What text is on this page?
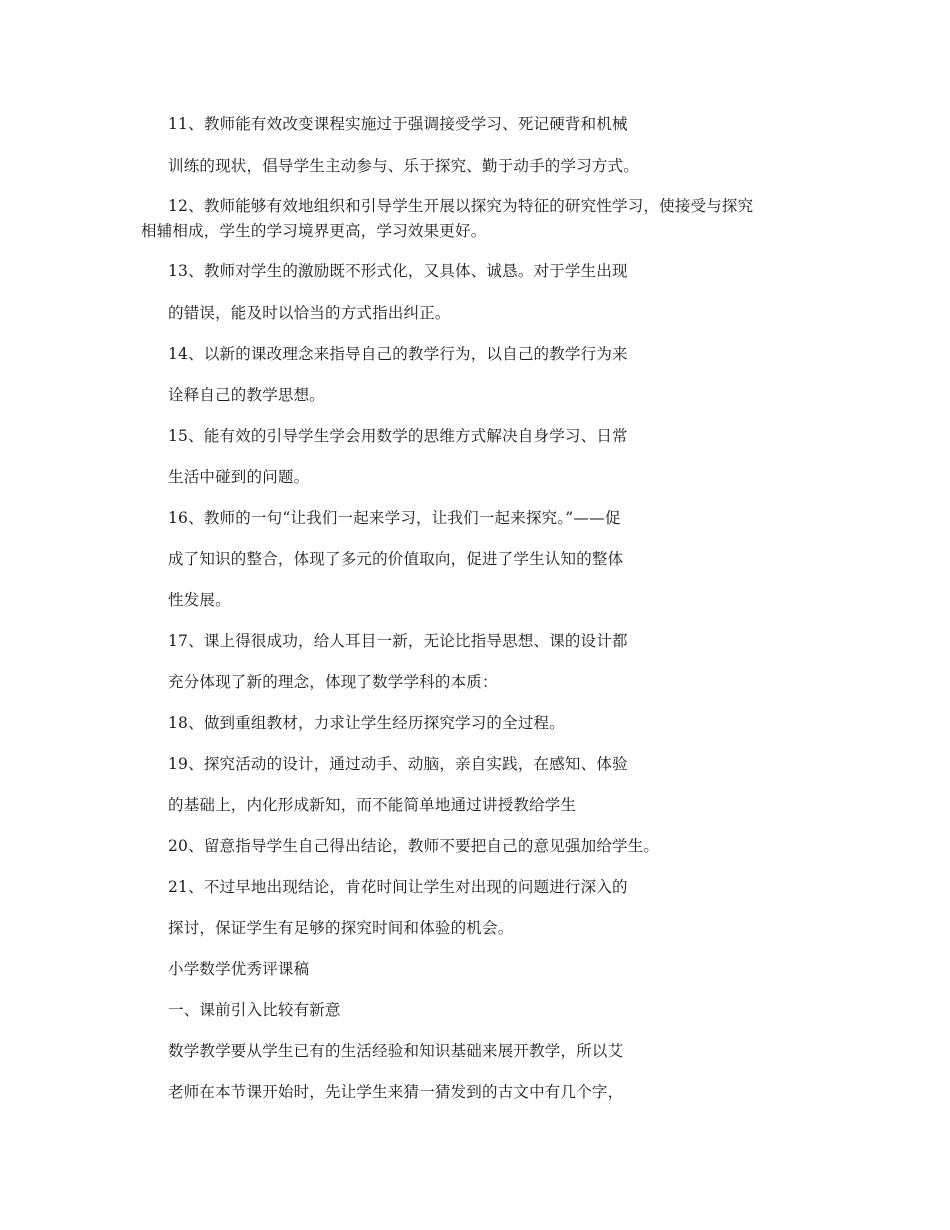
11、教师能有效改变课程实施过于强调接受学习、死记硬背和机械
训练的现状，倡导学生主动参与、乐于探究、勤于动手的学习方式。
12、教师能够有效地组织和引导学生开展以探究为特征的研究性学习，使接受与探究
相辅相成，学生的学习境界更高，学习效果更好。
13、教师对学生的激励既不形式化，又具体、诚恳。对于学生出现
的错误，能及时以恰当的方式指出纠正。
14、以新的课改理念来指导自己的教学行为，以自己的教学行为来
诠释自己的教学思想。
15、能有效的引导学生学会用数学的思维方式解决自身学习、日常
生活中碰到的问题。
16、教师的一句“让我们一起来学习，让我们一起来探究。”——促
成了知识的整合，体现了多元的价值取向，促进了学生认知的整体
性发展。
17、课上得很成功，给人耳目一新，无论比指导思想、课的设计都
充分体现了新的理念，体现了数学学科的本质：
18、做到重组教材，力求让学生经历探究学习的全过程。
19、探究活动的设计，通过动手、动脑，亲自实践，在感知、体验
的基础上，内化形成新知，而不能简单地通过讲授教给学生
20、留意指导学生自己得出结论，教师不要把自己的意见强加给学生。
21、不过早地出现结论，肯花时间让学生对出现的问题进行深入的
探讨，保证学生有足够的探究时间和体验的机会。
小学数学优秀评课稿
一、课前引入比较有新意
数学教学要从学生已有的生活经验和知识基础来展开教学，所以艾
老师在本节课开始时，先让学生来猜一猜发到的古文中有几个字，
